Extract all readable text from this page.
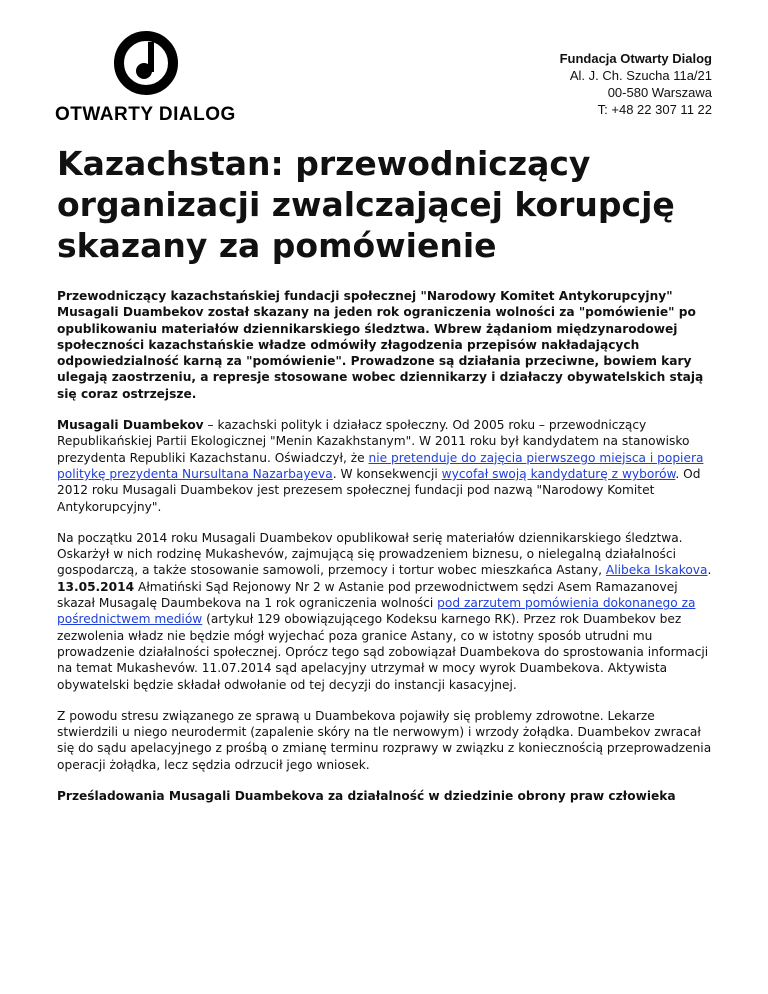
OTWARTY DIALOG
Fundacja Otwarty Dialog
Al. J. Ch. Szucha 11a/21
00-580 Warszawa
T: +48 22 307 11 22
Kazachstan: przewodniczący organizacji zwalczającej korupcję skazany za pomówienie

Przewodniczący kazachstańskiej fundacji społecznej "Narodowy Komitet Antykorupcyjny" Musagali Duambekov został skazany na jeden rok ograniczenia wolności za "pomówienie" po opublikowaniu materiałów dziennikarskiego śledztwa. Wbrew żądaniom międzynarodowej społeczności kazachstańskie władze odmówiły złagodzenia przepisów nakładających odpowiedzialność karną za "pomówienie". Prowadzone są działania przeciwne, bowiem kary ulegają zaostrzeniu, a represje stosowane wobec dziennikarzy i działaczy obywatelskich stają się coraz ostrzejsze.

Musagali Duambekov – kazachski polityk i działacz społeczny. Od 2005 roku – przewodniczący Republikańskiej Partii Ekologicznej "Menin Kazakhstanym". W 2011 roku był kandydatem na stanowisko prezydenta Republiki Kazachstanu. Oświadczył, że nie pretenduje do zajęcia pierwszego miejsca i popiera politykę prezydenta Nursultana Nazarbayeva. W konsekwencji wycofał swoją kandydaturę z wyborów. Od 2012 roku Musagali Duambekov jest prezesem społecznej fundacji pod nazwą "Narodowy Komitet Antykorupcyjny".

Na początku 2014 roku Musagali Duambekov opublikował serię materiałów dziennikarskiego śledztwa. Oskarżył w nich rodzinę Mukashevów, zajmującą się prowadzeniem biznesu, o nielegalną działalności gospodarczą, a także stosowanie samowoli, przemocy i tortur wobec mieszkańca Astany, Alibeka Iskakova. 13.05.2014 Ałmatiński Sąd Rejonowy Nr 2 w Astanie pod przewodnictwem sędzi Asem Ramazanovej skazał Musagalę Daumbekova na 1 rok ograniczenia wolności pod zarzutem pomówienia dokonanego za pośrednictwem mediów (artykuł 129 obowiązującego Kodeksu karnego RK). Przez rok Duambekov bez zezwolenia władz nie będzie mógł wyjechać poza granice Astany, co w istotny sposób utrudni mu prowadzenie działalności społecznej. Oprócz tego sąd zobowiązał Duambekova do sprostowania informacji na temat Mukashevów. 11.07.2014 sąd apelacyjny utrzymał w mocy wyrok Duambekova. Aktywista obywatelski będzie składał odwołanie od tej decyzji do instancji kasacyjnej.

Z powodu stresu związanego ze sprawą u Duambekova pojawiły się problemy zdrowotne. Lekarze stwierdzili u niego neurodermit (zapalenie skóry na tle nerwowym) i wrzody żołądka. Duambekov zwracał się do sądu apelacyjnego z prośbą o zmianę terminu rozprawy w związku z koniecznością przeprowadzenia operacji żołądka, lecz sędzia odrzucił jego wniosek.

Prześladowania Musagali Duambekova za działalność w dziedzinie obrony praw człowieka
